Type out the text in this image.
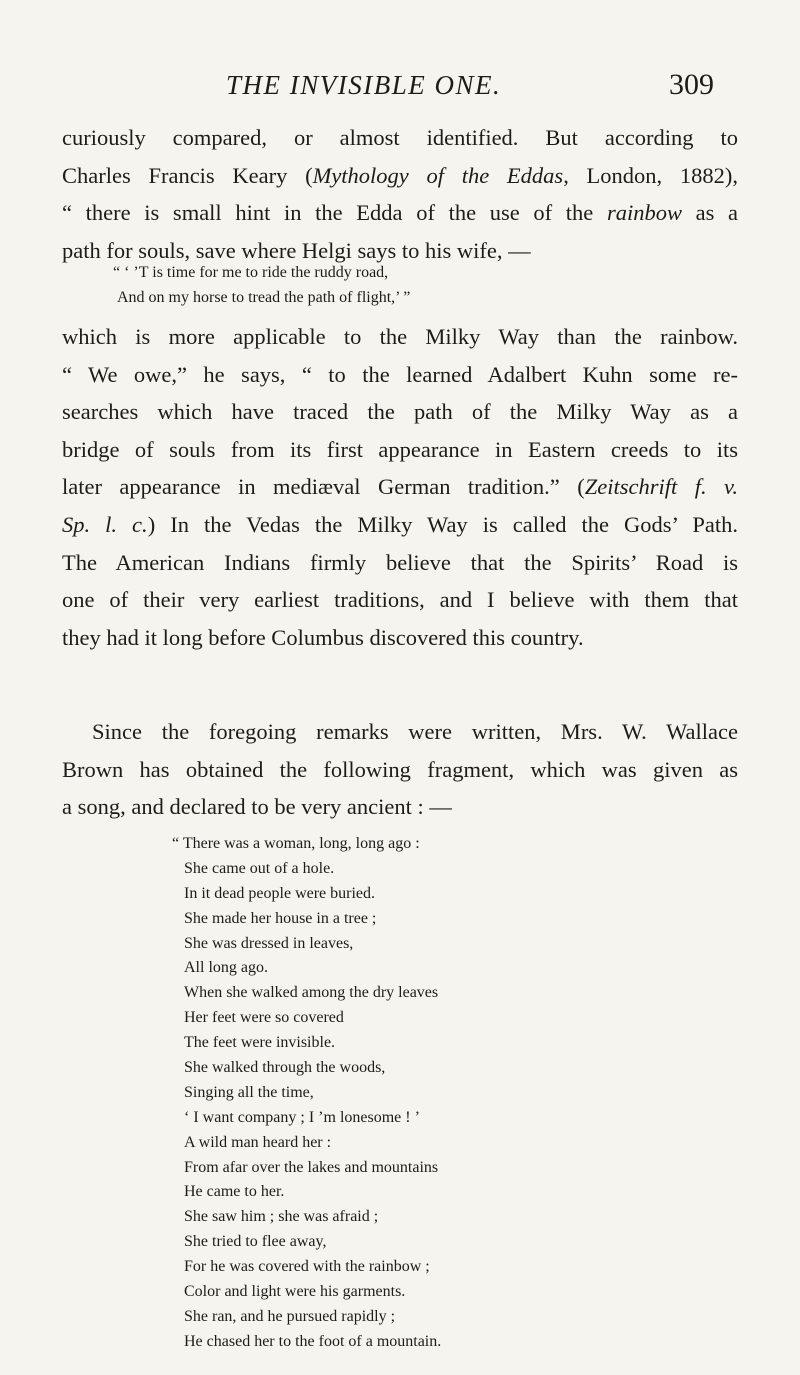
THE INVISIBLE ONE.	309
curiously compared, or almost identified. But according to
Charles Francis Keary (Mythology of the Eddas, London, 1882),
“ there is small hint in the Edda of the use of the rainbow as a
path for souls, save where Helgi says to his wife, —
“ ‘ ’T is time for me to ride the ruddy road,
And on my horse to tread the path of flight,’ ”
which is more applicable to the Milky Way than the rainbow.
“ We owe,” he says, “ to the learned Adalbert Kuhn some re-
searches which have traced the path of the Milky Way as a
bridge of souls from its first appearance in Eastern creeds to its
later appearance in mediæval German tradition.” (Zeitschrift f. v.
Sp. l. c.) In the Vedas the Milky Way is called the Gods’ Path.
The American Indians firmly believe that the Spirits’ Road is
one of their very earliest traditions, and I believe with them that
they had it long before Columbus discovered this country.
Since the foregoing remarks were written, Mrs. W. Wallace
Brown has obtained the following fragment, which was given as
a song, and declared to be very ancient : —
“ There was a woman, long, long ago :
She came out of a hole.
In it dead people were buried.
She made her house in a tree ;
She was dressed in leaves,
All long ago.
When she walked among the dry leaves
Her feet were so covered
The feet were invisible.
She walked through the woods,
Singing all the time,
‘ I want company ; I ’m lonesome ! ’
A wild man heard her :
From afar over the lakes and mountains
He came to her.
She saw him ; she was afraid ;
She tried to flee away,
For he was covered with the rainbow ;
Color and light were his garments.
She ran, and he pursued rapidly ;
He chased her to the foot of a mountain.
